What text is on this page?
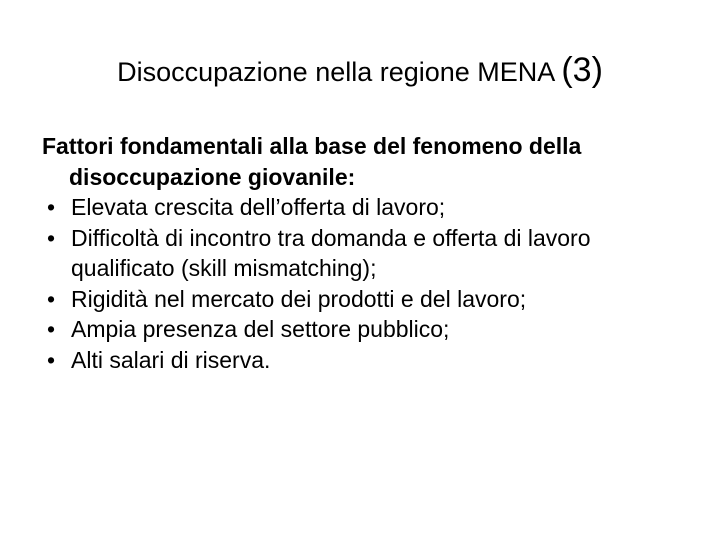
Disoccupazione nella regione MENA (3)
Fattori fondamentali alla base del fenomeno della disoccupazione giovanile:
• Elevata crescita dell’offerta di lavoro;
• Difficoltà di incontro tra domanda e offerta di lavoro qualificato (skill mismatching);
• Rigidità nel mercato dei prodotti e del lavoro;
• Ampia presenza del settore pubblico;
• Alti salari di riserva.
